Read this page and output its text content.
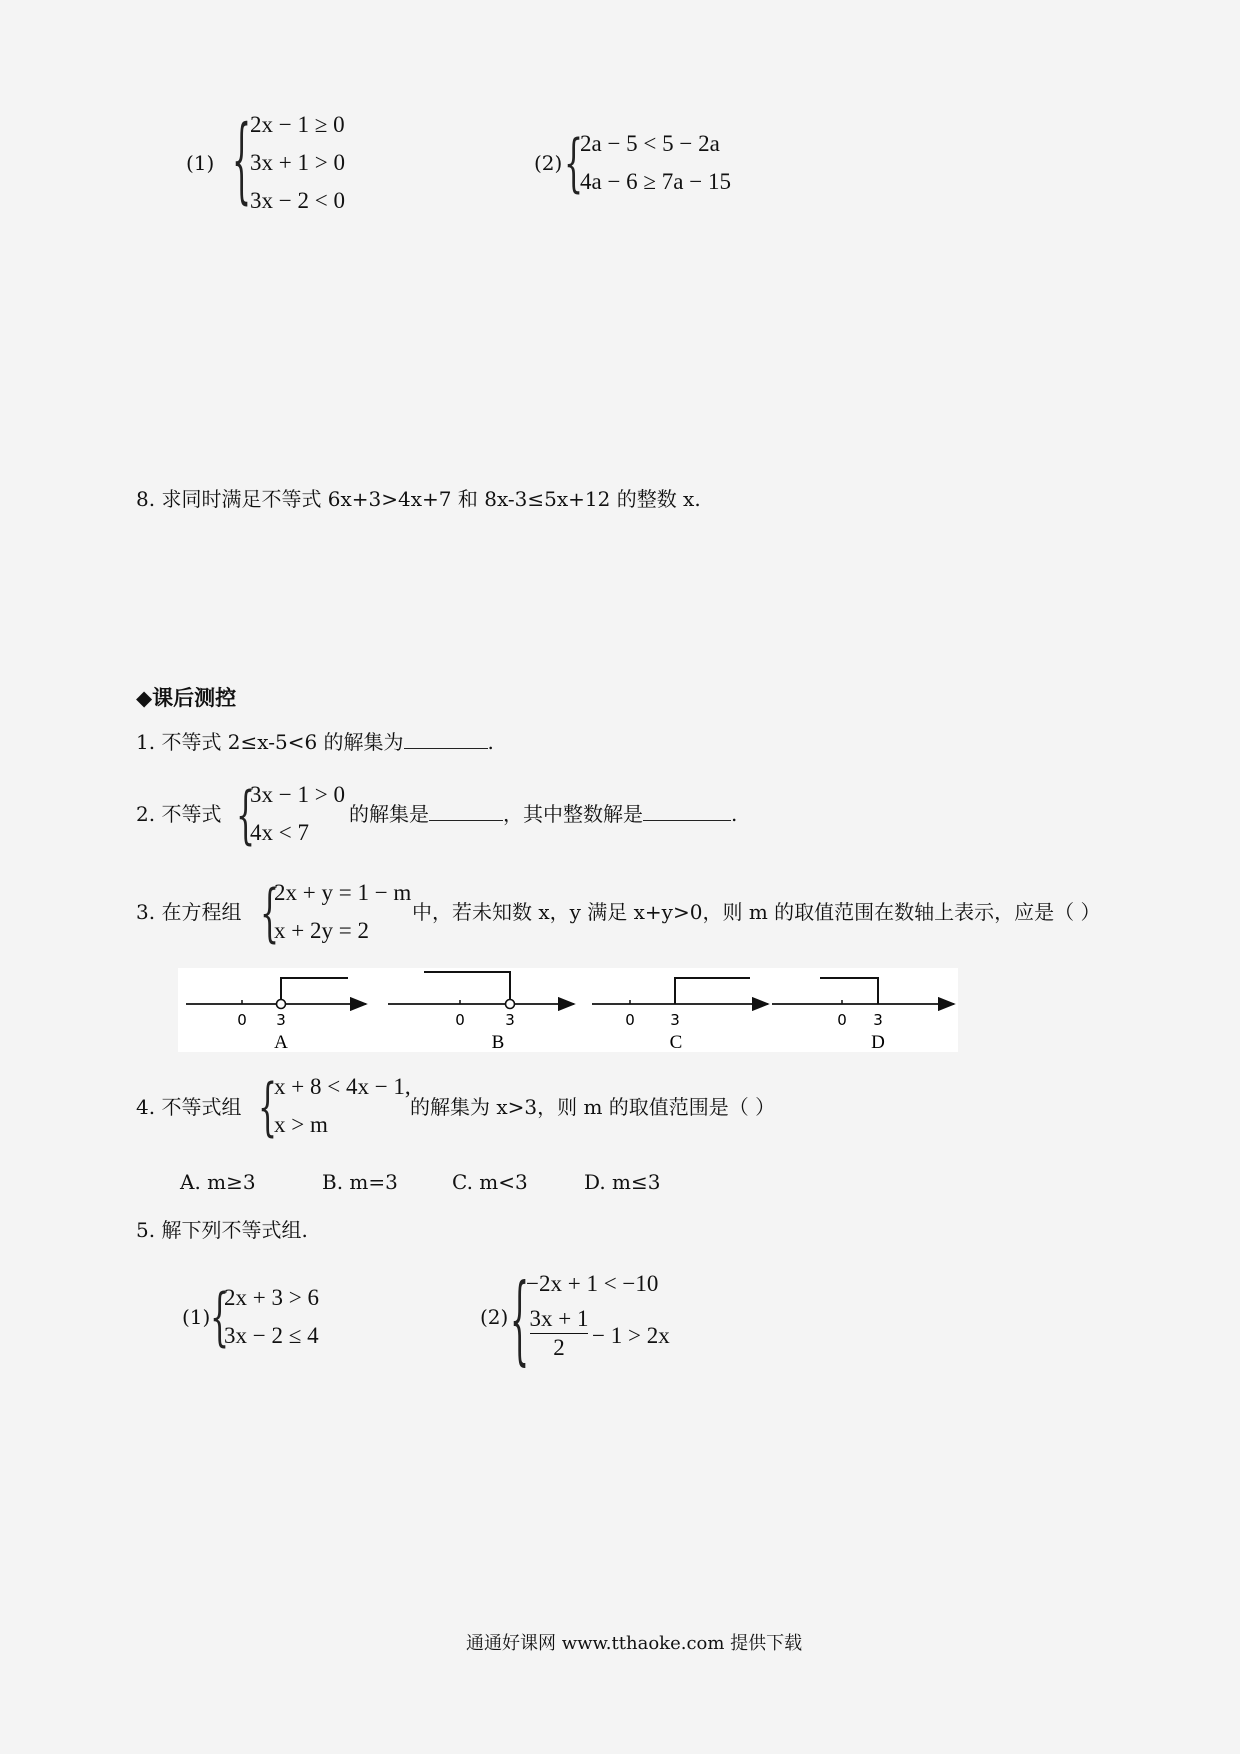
(1) {
2x − 1 ≥ 0
3x + 1 > 0
3x − 2 < 0
(2) {
2a − 5 < 5 − 2a
4a − 6 ≥ 7a − 15
8. 求同时满足不等式 6x+3>4x+7 和 8x-3≤5x+12 的整数 x.
◆课后测控
1. 不等式 2≤x-5<6 的解集为	.
2. 不等式 {
3x − 1 > 0
4x < 7
的解集是	，其中整数解是	.
3. 在方程组 {
2x + y = 1 − m
x + 2y = 2
中，若未知数 x，y 满足 x+y>0，则 m 的取值范围在数轴上表示，应是（ ）
0 3
A
0	3
B
0 3
C
0 3
D
4. 不等式组 {
x + 8 < 4x − 1,
x > m
的解集为 x>3，则 m 的取值范围是（ ）
A. m≥3	B. m=3	C. m<3	D. m≤3
5. 解下列不等式组.
(1) {
2x + 3 > 6
3x − 2 ≤ 4
(2) {
−2x + 1 < −10
3x + 1
2	− 1 > 2x
通通好课网 www.tthaoke.com 提供下载
